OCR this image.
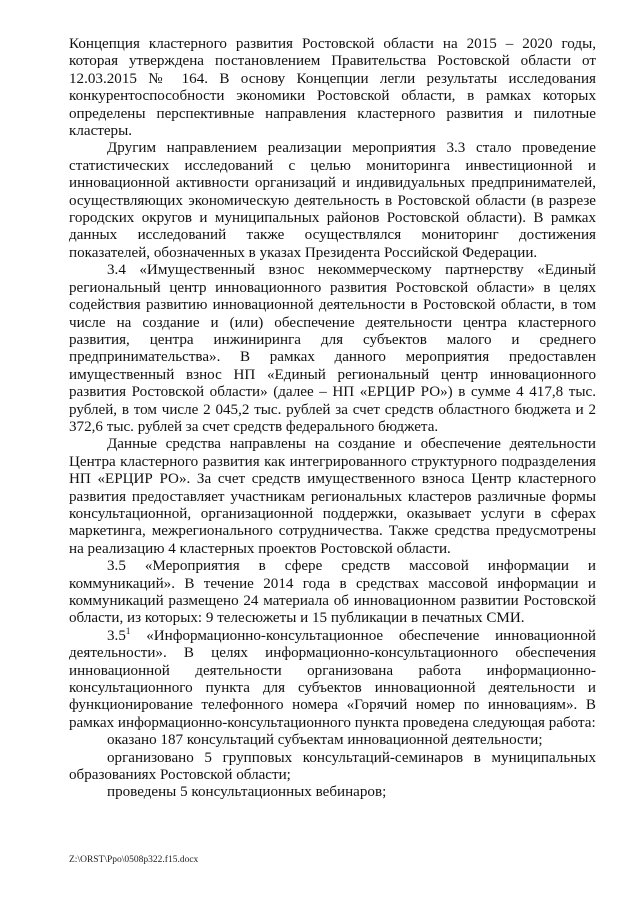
Концепция кластерного развития Ростовской области на 2015 – 2020 годы, которая утверждена постановлением Правительства Ростовской области от 12.03.2015 № 164. В основу Концепции легли результаты исследования конкурентоспособности экономики Ростовской области, в рамках которых определены перспективные направления кластерного развития и пилотные кластеры.

Другим направлением реализации мероприятия 3.3 стало проведение статистических исследований с целью мониторинга инвестиционной и инновационной активности организаций и индивидуальных предпринимателей, осуществляющих экономическую деятельность в Ростовской области (в разрезе городских округов и муниципальных районов Ростовской области). В рамках данных исследований также осуществлялся мониторинг достижения показателей, обозначенных в указах Президента Российской Федерации.

3.4 «Имущественный взнос некоммерческому партнерству «Единый региональный центр инновационного развития Ростовской области» в целях содействия развитию инновационной деятельности в Ростовской области, в том числе на создание и (или) обеспечение деятельности центра кластерного развития, центра инжиниринга для субъектов малого и среднего предпринимательства». В рамках данного мероприятия предоставлен имущественный взнос НП «Единый региональный центр инновационного развития Ростовской области» (далее – НП «ЕРЦИР РО») в сумме 4 417,8 тыс. рублей, в том числе 2 045,2 тыс. рублей за счет средств областного бюджета и 2 372,6 тыс. рублей за счет средств федерального бюджета.

Данные средства направлены на создание и обеспечение деятельности Центра кластерного развития как интегрированного структурного подразделения НП «ЕРЦИР РО». За счет средств имущественного взноса Центр кластерного развития предоставляет участникам региональных кластеров различные формы консультационной, организационной поддержки, оказывает услуги в сферах маркетинга, межрегионального сотрудничества. Также средства предусмотрены на реализацию 4 кластерных проектов Ростовской области.

3.5 «Мероприятия в сфере средств массовой информации и коммуникаций». В течение 2014 года в средствах массовой информации и коммуникаций размещено 24 материала об инновационном развитии Ростовской области, из которых: 9 телесюжеты и 15 публикации в печатных СМИ.

$3.5^1$ «Информационно-консультационное обеспечение инновационной деятельности». В целях информационно-консультационного обеспечения инновационной деятельности организована работа информационно-консультационного пункта для субъектов инновационной деятельности и функционирование телефонного номера «Горячий номер по инновациям». В рамках информационно-консультационного пункта проведена следующая работа:

оказано 187 консультаций субъектам инновационной деятельности;

организовано 5 групповых консультаций-семинаров в муниципальных образованиях Ростовской области;

проведены 5 консультационных вебинаров;

Z:\ORST\Ppo\0508p322.f15.docx
